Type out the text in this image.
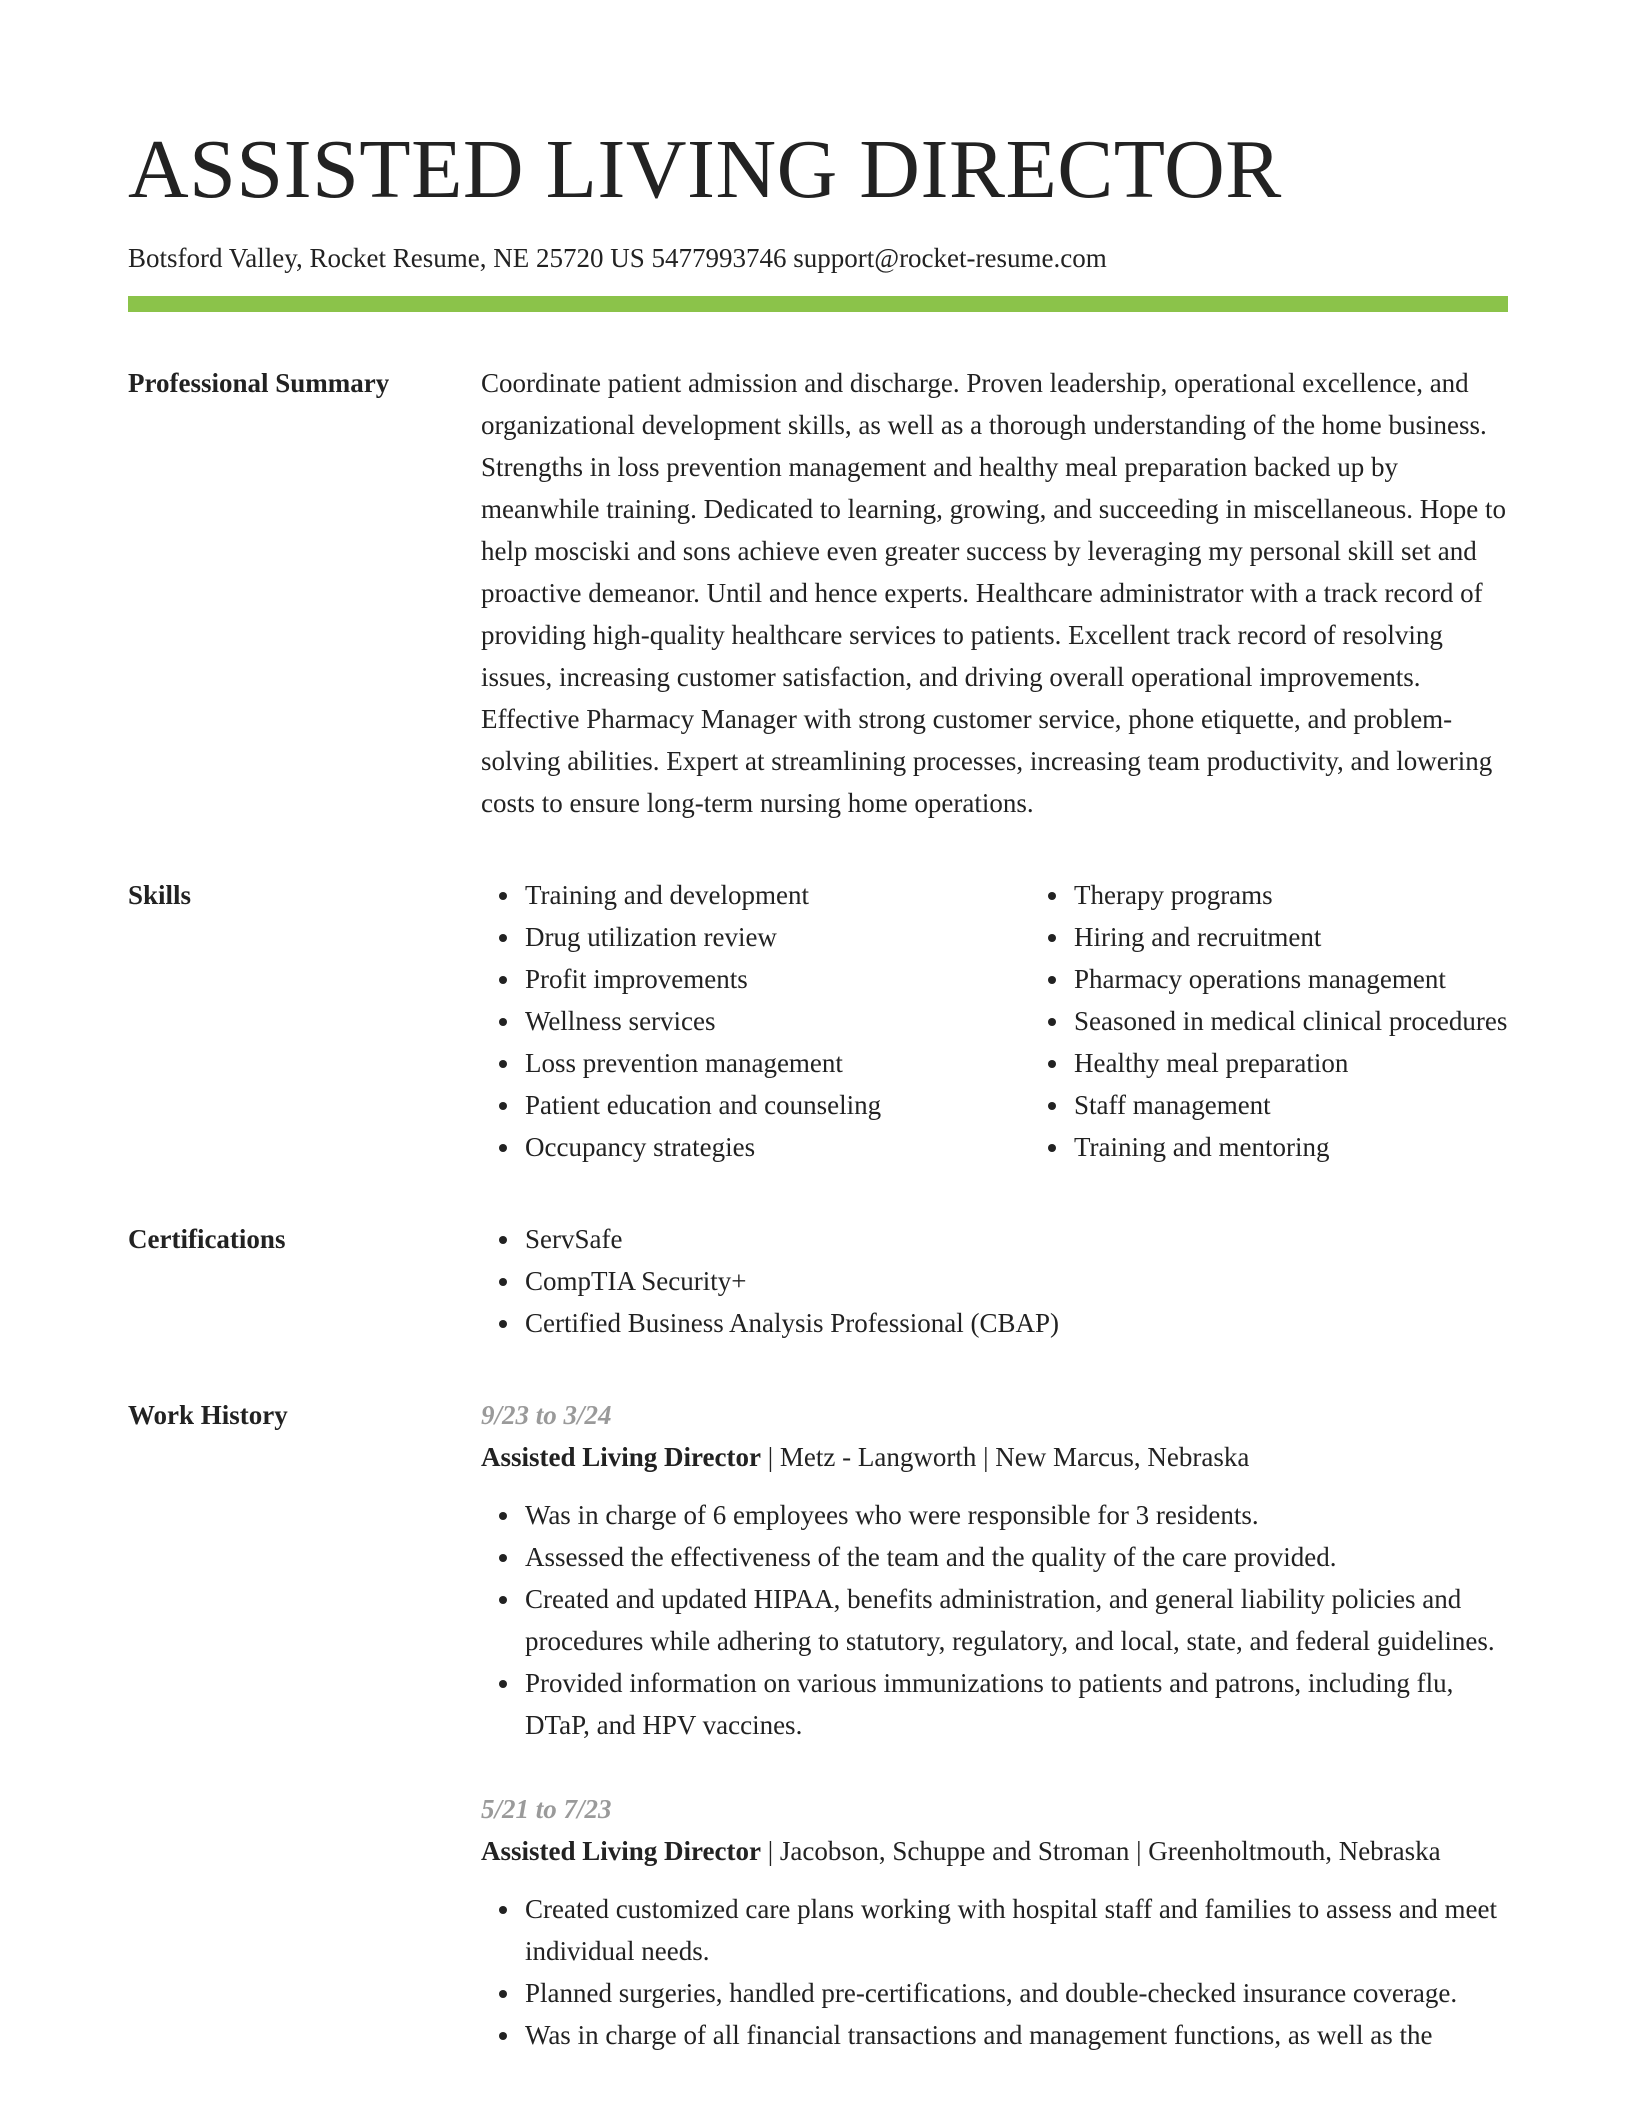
ASSISTED LIVING DIRECTOR
Botsford Valley, Rocket Resume, NE 25720 US 5477993746 support@rocket-resume.com
Professional Summary	Coordinate patient admission and discharge. Proven leadership, operational excellence, and organizational development skills, as well as a thorough understanding of the home business. Strengths in loss prevention management and healthy meal preparation backed up by meanwhile training. Dedicated to learning, growing, and succeeding in miscellaneous. Hope to help mosciski and sons achieve even greater success by leveraging my personal skill set and proactive demeanor. Until and hence experts. Healthcare administrator with a track record of providing high-quality healthcare services to patients. Excellent track record of resolving issues, increasing customer satisfaction, and driving overall operational improvements. Effective Pharmacy Manager with strong customer service, phone etiquette, and problem-solving abilities. Expert at streamlining processes, increasing team productivity, and lowering costs to ensure long-term nursing home operations.

Skills	Training and development
Drug utilization review
Profit improvements
Wellness services
Loss prevention management
Patient education and counseling
Occupancy strategies
Therapy programs
Hiring and recruitment
Pharmacy operations management
Seasoned in medical clinical procedures
Healthy meal preparation
Staff management
Training and mentoring
Certifications	ServSafe
CompTIA Security+
Certified Business Analysis Professional (CBAP)
Work History	9/23 to 3/24
Assisted Living Director | Metz - Langworth | New Marcus, Nebraska
Was in charge of 6 employees who were responsible for 3 residents.
Assessed the effectiveness of the team and the quality of the care provided.
Created and updated HIPAA, benefits administration, and general liability policies and procedures while adhering to statutory, regulatory, and local, state, and federal guidelines.
Provided information on various immunizations to patients and patrons, including flu, DTaP, and HPV vaccines.
5/21 to 7/23
Assisted Living Director | Jacobson, Schuppe and Stroman | Greenholtmouth, Nebraska
Created customized care plans working with hospital staff and families to assess and meet individual needs.
Planned surgeries, handled pre-certifications, and double-checked insurance coverage.
Was in charge of all financial transactions and management functions, as well as the
